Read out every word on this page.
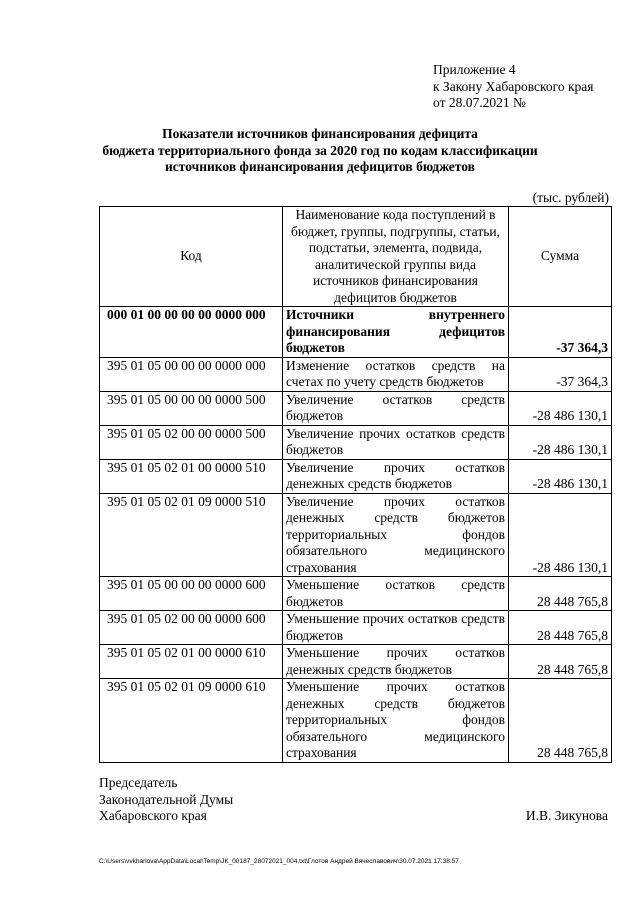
Приложение 4
к Закону Хабаровского края
от 28.07.2021 №
Показатели источников финансирования дефицита
бюджета территориального фонда за 2020 год по кодам классификации
источников финансирования дефицитов бюджетов
(тыс. рублей)
Код	Наименование кода поступлений в бюджет, группы, подгруппы, статьи, подстатьи, элемента, подвида, аналитической группы вида источников финансирования дефицитов бюджетов	Сумма
000 01 00 00 00 00 0000 000	Источники внутреннего финансирования дефицитов бюджетов	-37 364,3
395 01 05 00 00 00 0000 000	Изменение остатков средств на счетах по учету средств бюджетов	-37 364,3
395 01 05 00 00 00 0000 500	Увеличение остатков средств бюджетов	-28 486 130,1
395 01 05 02 00 00 0000 500	Увеличение прочих остатков средств бюджетов	-28 486 130,1
395 01 05 02 01 00 0000 510	Увеличение прочих остатков денежных средств бюджетов	-28 486 130,1
395 01 05 02 01 09 0000 510	Увеличение прочих остатков денежных средств бюджетов территориальных фондов обязательного медицинского страхования	-28 486 130,1
395 01 05 00 00 00 0000 600	Уменьшение остатков средств бюджетов	28 448 765,8
395 01 05 02 00 00 0000 600	Уменьшение прочих остатков средств бюджетов	28 448 765,8
395 01 05 02 01 00 0000 610	Уменьшение прочих остатков денежных средств бюджетов	28 448 765,8
395 01 05 02 01 09 0000 610	Уменьшение прочих остатков денежных средств бюджетов территориальных фондов обязательного медицинского страхования	28 448 765,8
Председатель
Законодательной Думы
Хабаровского края	И.В. Зикунова
C:\Users\vvkharlova\AppData\Local\Temp\JK_00187_28072021_004.txt\Глотов Андрей Вячеславович\30.07.2021 17:38:57
